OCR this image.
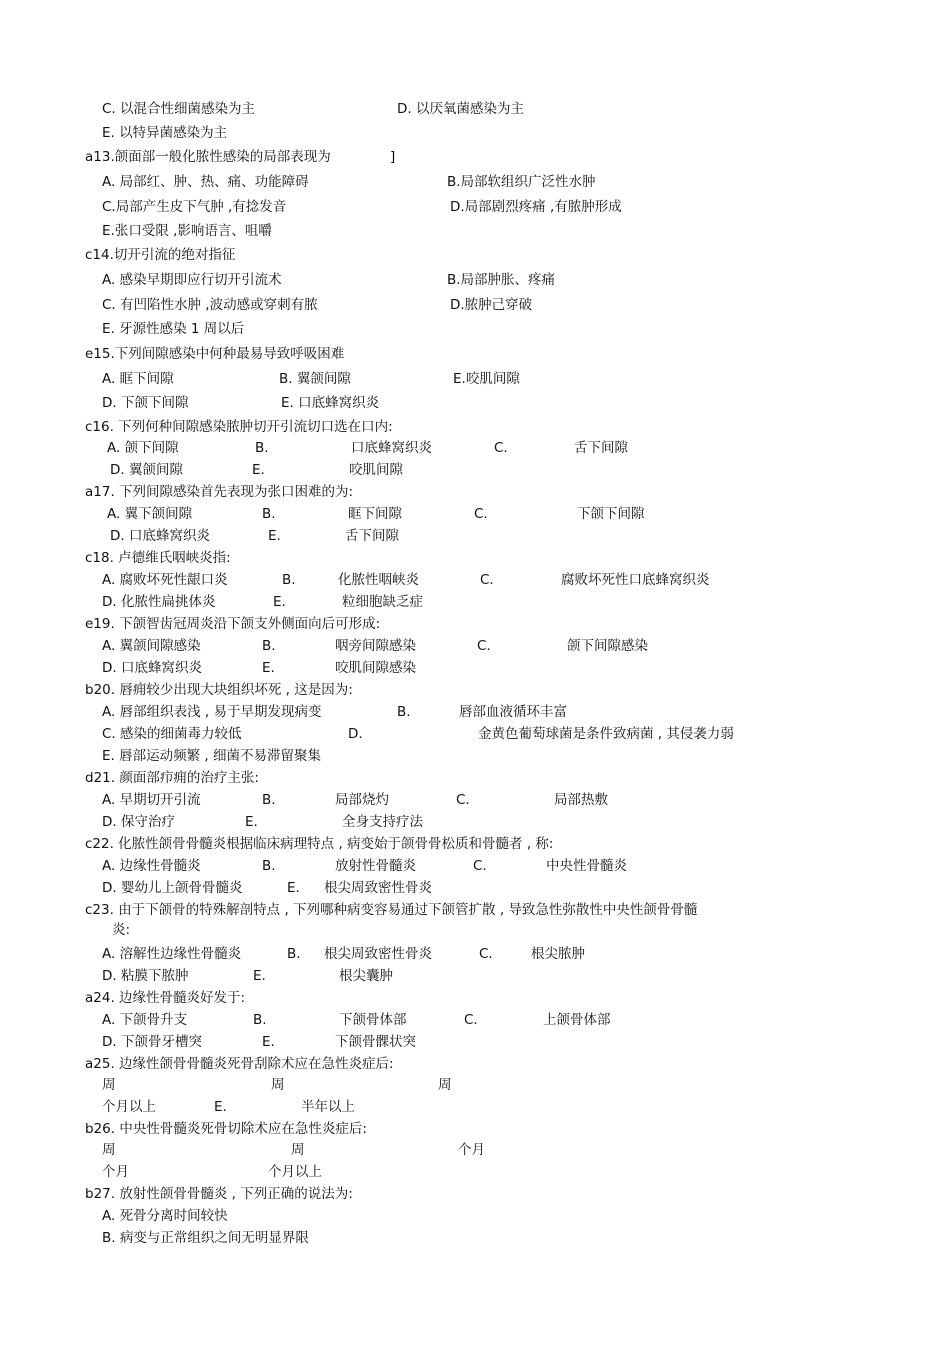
C. 以混合性细菌感染为主	D. 以厌氧菌感染为主
E. 以特异菌感染为主
a13.颌面部一般化脓性感染的局部表现为	]
A. 局部红、肿、热、痛、功能障碍	B.局部软组织广泛性水肿
C.局部产生皮下气肿 ,有捻发音	D.局部剧烈疼痛 ,有脓肿形成
E.张口受限 ,影响语言、咀嚼
c14.切开引流的绝对指征
A. 感染早期即应行切开引流术	B.局部肿胀、疼痛
C. 有凹陷性水肿 ,波动感或穿刺有脓	D.脓肿己穿破
E. 牙源性感染 1 周以后
e15.下列间隙感染中何种最易导致呼吸困难
A. 眶下间隙	B. 翼颌间隙	E.咬肌间隙
D. 下颌下间隙	E. 口底蜂窝织炎
c16. 下列何种间隙感染脓肿切开引流切口选在口内:
A. 颌下间隙	B.	口底蜂窝织炎	C.	舌下间隙
D. 翼颌间隙	E.	咬肌间隙
a17. 下列间隙感染首先表现为张口困难的为:
A. 翼下颌间隙	B.	眶下间隙	C.	下颌下间隙
D. 口底蜂窝织炎	E.	舌下间隙
c18. 卢德维氏咽峡炎指:
A. 腐败坏死性龈口炎	B.	化脓性咽峡炎	C.	腐败坏死性口底蜂窝织炎
D. 化脓性扁挑体炎	E.	粒细胞缺乏症
e19. 下颌智齿冠周炎沿下颌支外侧面向后可形成:
A. 翼颌间隙感染	B.	咽旁间隙感染	C.	颌下间隙感染
D. 口底蜂窝织炎	E.	咬肌间隙感染
b20. 唇痈较少出现大块组织坏死 , 这是因为:
A. 唇部组织表浅 , 易于早期发现病变	B.	唇部血液循环丰富
C. 感染的细菌毒力较低	D.	金黄色葡萄球菌是条件致病菌 , 其侵袭力弱
E. 唇部运动频繁 , 细菌不易滞留聚集
d21. 颜面部疖痈的治疗主张:
A. 早期切开引流	B.	局部烧灼	C.	局部热敷
D. 保守治疗	E.	全身支持疗法
c22. 化脓性颌骨骨髓炎根据临床病理特点 , 病变始于颌骨骨松质和骨髓者 , 称:
A. 边缘性骨髓炎	B.	放射性骨髓炎	C.	中央性骨髓炎
D. 婴幼儿上颌骨骨髓炎	E. 根尖周致密性骨炎
c23. 由于下颌骨的特殊解剖特点 , 下列哪种病变容易通过下颌管扩散 , 导致急性弥散性中央性颌骨骨髓
炎:
A. 溶解性边缘性骨髓炎	B. 根尖周致密性骨炎	C.	根尖脓肿
D. 粘膜下脓肿	E.	根尖囊肿
a24. 边缘性骨髓炎好发于:
A. 下颌骨升支	B.	下颌骨体部	C.	上颌骨体部
D. 下颌骨牙槽突	E.	下颌骨髁状突
a25. 边缘性颌骨骨髓炎死骨刮除术应在急性炎症后:
周	周	周
个月以上	E.	半年以上
b26. 中央性骨髓炎死骨切除术应在急性炎症后:
周	周	个月
个月	个月以上
b27. 放射性颌骨骨髓炎 , 下列正确的说法为:
A. 死骨分离时间较快
B. 病变与正常组织之间无明显界限
